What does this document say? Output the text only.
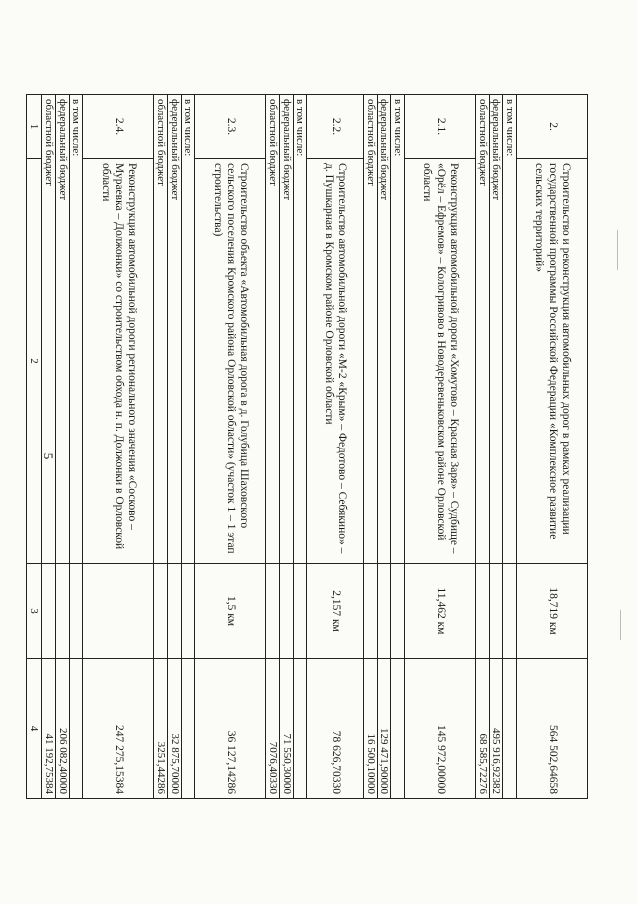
5
2.	Строительство и реконструкция автомобильных дорог в рамках реализации государственной программы Российской Федерации «Комплексное развитие сельских территорий»	18,719 км	564 502,64658
в том числе:			
федеральный бюджет			495 916,92382
областной бюджет			68 585,72276
2.1.	Реконструкция автомобильной дороги «Хомутово – Красная Заря» – Судбище – «Орёл – Ефремов» – Кологривово в Новодеревеньковском районе Орловской области	11,462 км	145 972,00000
в том числе:			
федеральный бюджет			129 471,90000
областной бюджет			16 500,10000
2.2.	Строительство автомобильной дороги «М-2 «Крым» – Федотово – Себякино» – д. Пушкарная в Кромском районе Орловской области	2,157 км	78 626,70330
в том числе:			
федеральный бюджет			71 550,30000
областной бюджет			7076,40330
2.3.	Строительство объекта «Автомобильная дорога в д. Голубица Шаховского сельского поселения Кромского района Орловской области» (участок 1 – 1 этап строительства)	1,5 км	36 127,14286
в том числе:			
федеральный бюджет			32 875,70000
областной бюджет			3251,44286
2.4.	Реконструкция автомобильной дороги регионального значения «Сосково – Мураевка – Должонки» со строительством обхода н. п. Должонки в Орловской области		247 275,15384
в том числе:			
федеральный бюджет			206 082,40000
областной бюджет			41 192,75384
1	2	3	4
